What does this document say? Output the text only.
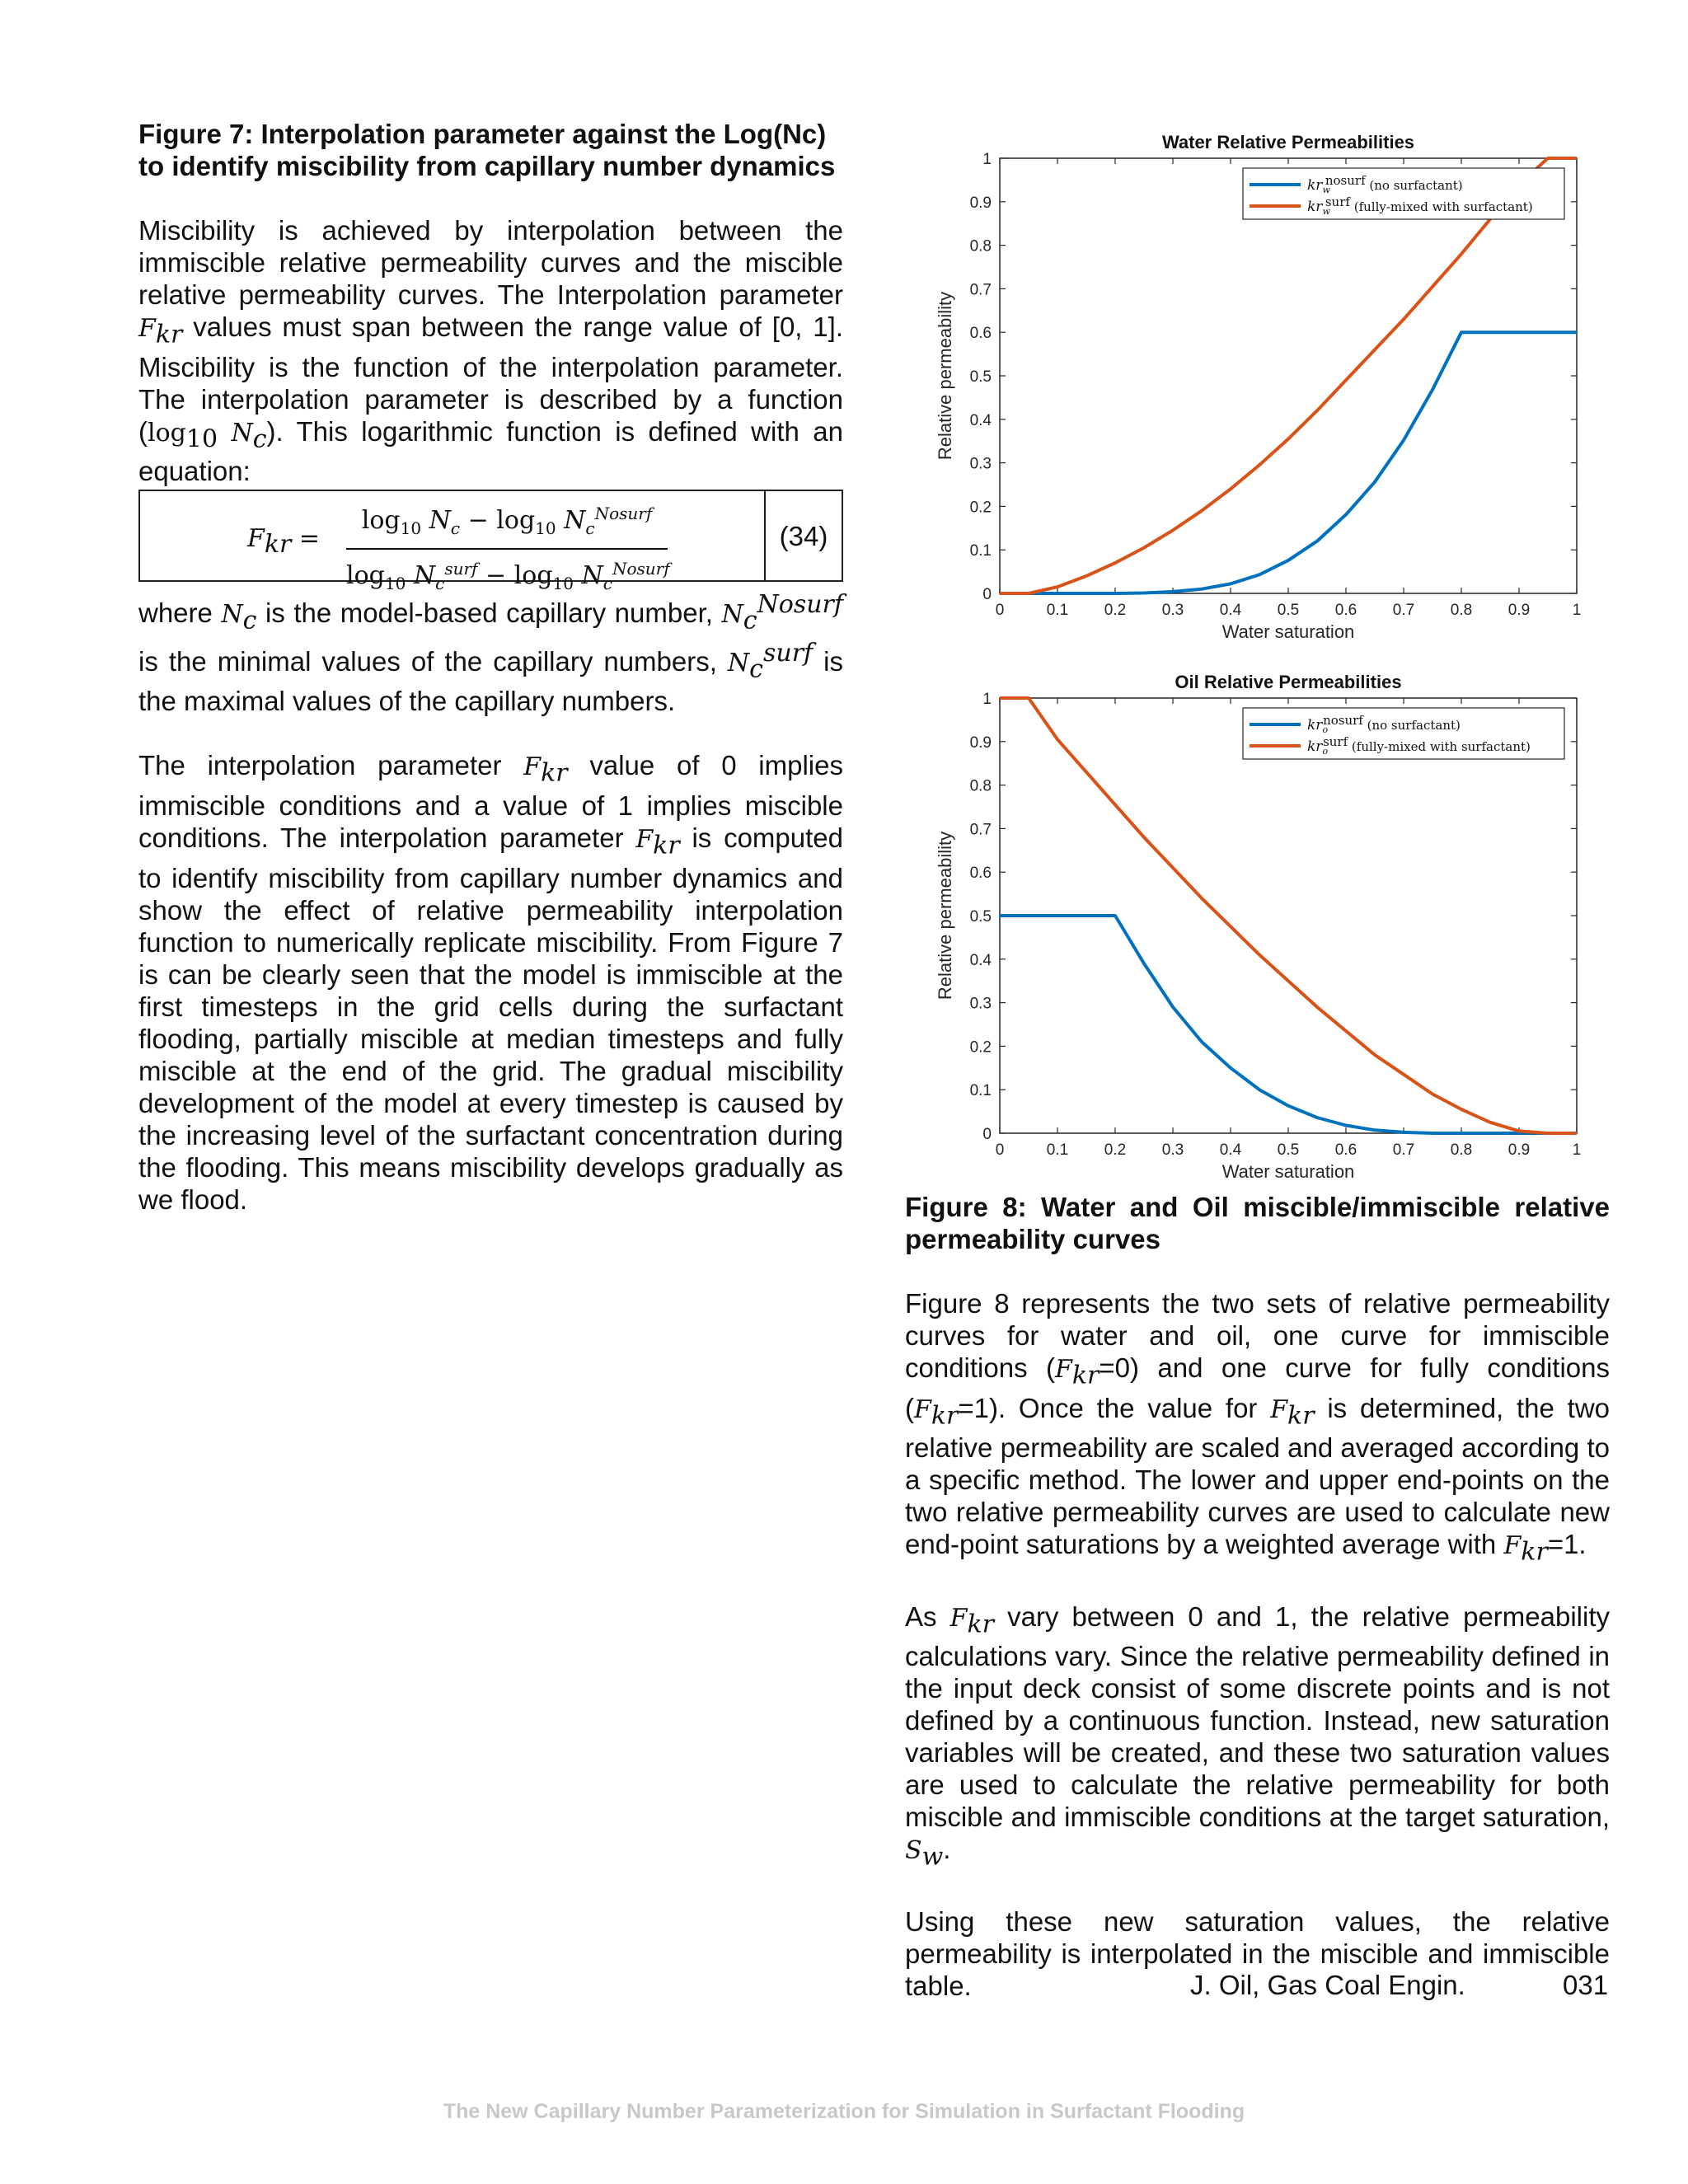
Figure 7: Interpolation parameter against the Log(Nc) to identify miscibility from capillary number dynamics

Miscibility is achieved by interpolation between the immiscible relative permeability curves and the miscible relative permeability curves. The Interpolation parameter $F_{kr}$ values must span between the range value of [0, 1]. Miscibility is the function of the interpolation parameter. The interpolation parameter is described by a function ($\log_{10}$ $N_c$). This logarithmic function is defined with an equation:

$F_{kr}$ =
$\log_{10} N_c - \log_{10} N_c^{Nosurf}$
$\log_{10} N_c^{surf} - \log_{10} N_c^{Nosurf}$
(34)

where $N_c$ is the model-based capillary number, $N_c^{Nosurf}$ is the minimal values of the capillary numbers, $N_c^{surf}$ is the maximal values of the capillary numbers.

The interpolation parameter $F_{kr}$ value of 0 implies immiscible conditions and a value of 1 implies miscible conditions. The interpolation parameter $F_{kr}$ is computed to identify miscibility from capillary number dynamics and show the effect of relative permeability interpolation function to numerically replicate miscibility. From Figure 7 is can be clearly seen that the model is immiscible at the first timesteps in the grid cells during the surfactant flooding, partially miscible at median timesteps and fully miscible at the end of the grid. The gradual miscibility development of the model at every timestep is caused by the increasing level of the surfactant concentration during the flooding. This means miscibility develops gradually as we flood.

Water Relative Permeabilities
0	0.1 0.2 0.3 0.4 0.5 0.6 0.7 0.8 0.9	1
0
0.1
0.2
0.3
0.4
0.5
0.6
0.7
0.8
0.9
1
Water saturation
Relative permeability
$kr_wnosurf$ (no surfactant)
$kr_wsurf$ (fully-mixed with surfactant)
Oil Relative Permeabilities
0	0.1 0.2 0.3 0.4 0.5 0.6 0.7 0.8 0.9	1
0
0.1
0.2
0.3
0.4
0.5
0.6
0.7
0.8
0.9
1
Water saturation
Relative permeability
$kr_onosurf$ (no surfactant)
$kr_osurf$ (fully-mixed with surfactant)

Figure 8: Water and Oil miscible/immiscible relative permeability curves

Figure 8 represents the two sets of relative permeability curves for water and oil, one curve for immiscible conditions $(F_{kr}=0)$ and one curve for fully conditions $(F_{kr}=1)$. Once the value for $F_{kr}$ is determined, the two relative permeability are scaled and averaged according to a specific method. The lower and upper end-points on the two relative permeability curves are used to calculate new end-point saturations by a weighted average with $F_{kr}=1$.

As $F_{kr}$ vary between 0 and 1, the relative permeability calculations vary. Since the relative permeability defined in the input deck consist of some discrete points and is not defined by a continuous function. Instead, new saturation variables will be created, and these two saturation values are used to calculate the relative permeability for both miscible and immiscible conditions at the target saturation, $S_w$.

Using these new saturation values, the relative permeability is interpolated in the miscible and immiscible table.	J. Oil, Gas Coal Engin.	031
The New Capillary Number Parameterization for Simulation in Surfactant Flooding
